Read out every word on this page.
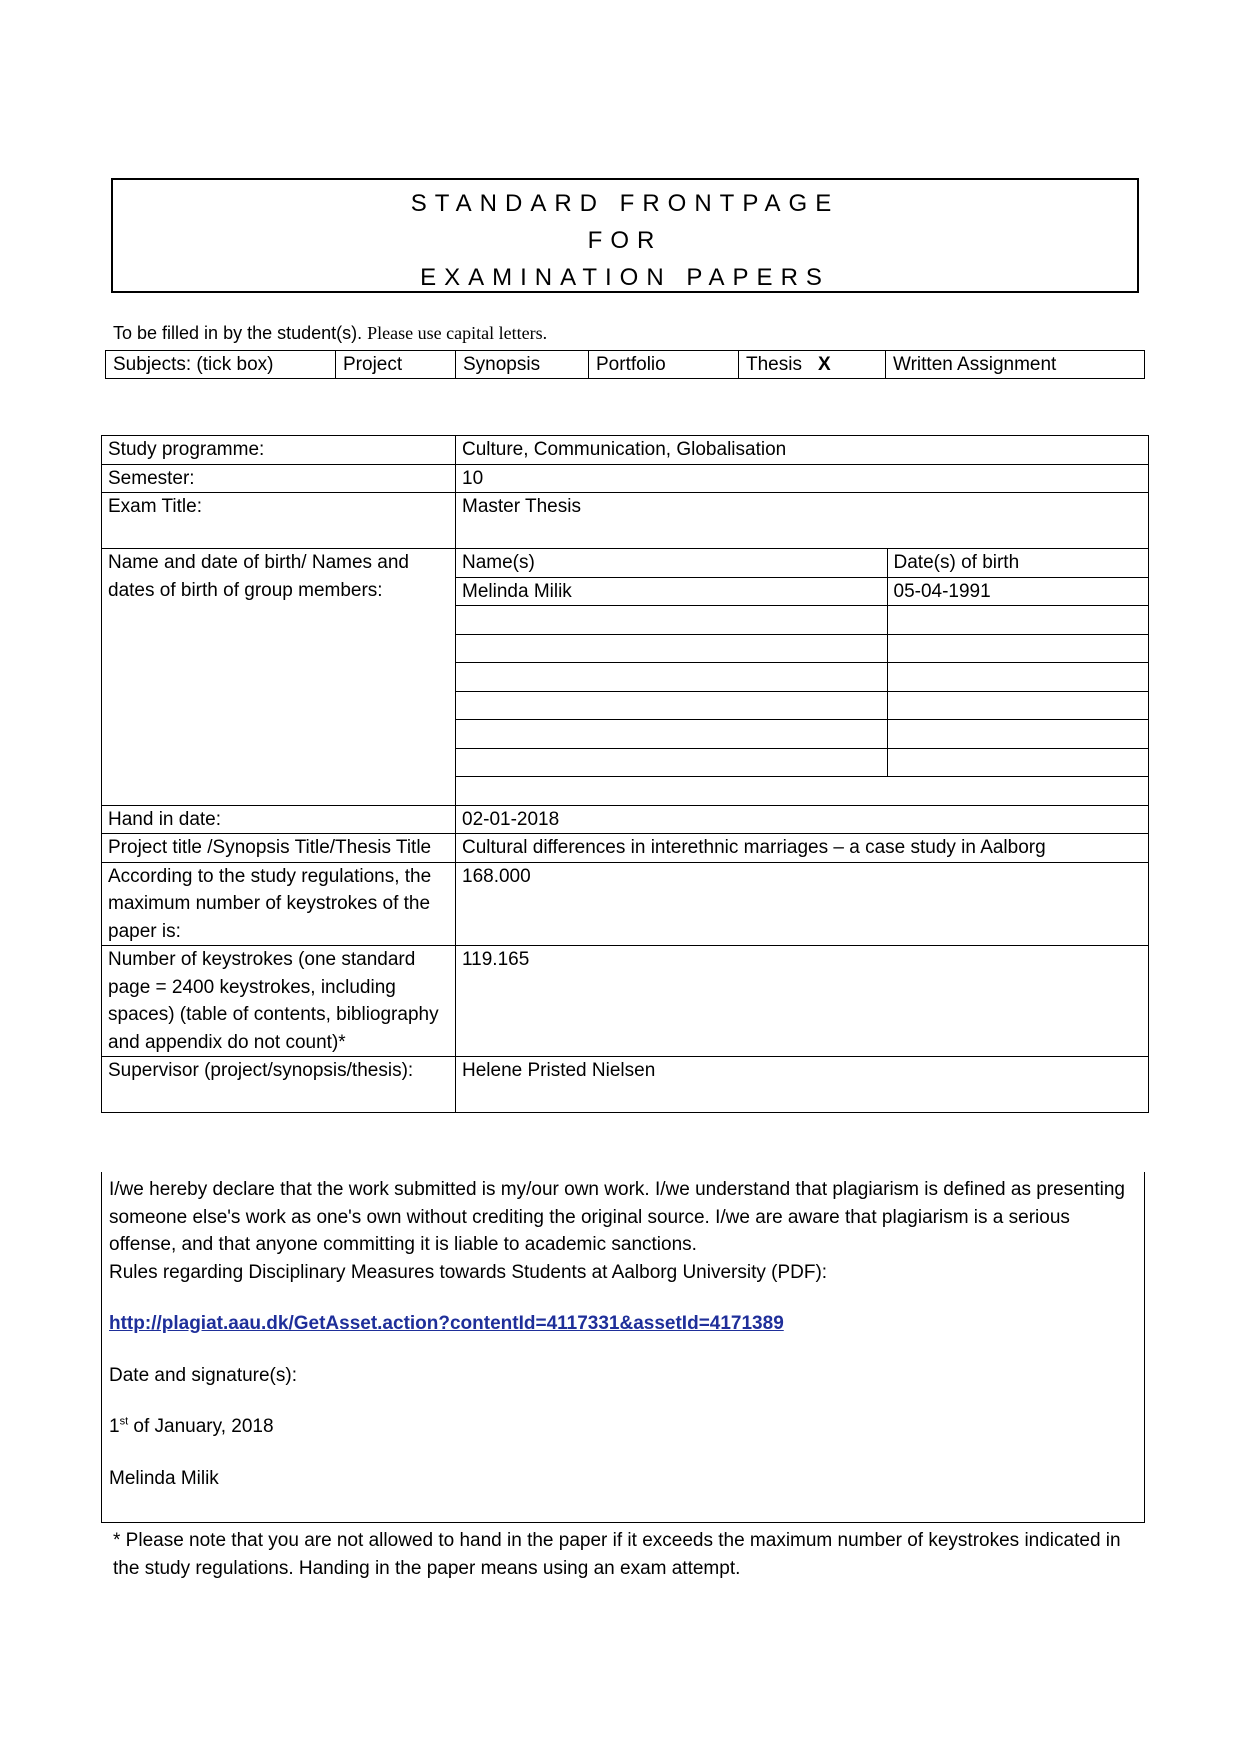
STANDARD FRONTPAGE
FOR
EXAMINATION PAPERS
To be filled in by the student(s). Please use capital letters.
Subjects: (tick box)	Project	Synopsis	Portfolio	Thesis X	Written Assignment
Study programme:	Culture, Communication, Globalisation
Semester:	10
Exam Title:	Master Thesis
Name and date of birth/ Names and dates of birth of group members:	
Name(s)	Date(s) of birth
Melinda Milik	05-04-1991

Hand in date:	02-01-2018
Project title /Synopsis Title/Thesis Title	Cultural differences in interethnic marriages – a case study in Aalborg
According to the study regulations, the maximum number of keystrokes of the paper is:	168.000
Number of keystrokes (one standard page = 2400 keystrokes, including spaces) (table of contents, bibliography and appendix do not count)*	119.165
Supervisor (project/synopsis/thesis):	Helene Pristed Nielsen

I/we hereby declare that the work submitted is my/our own work. I/we understand that plagiarism is defined as presenting someone else's work as one's own without crediting the original source. I/we are aware that plagiarism is a serious offense, and that anyone committing it is liable to academic sanctions.

Rules regarding Disciplinary Measures towards Students at Aalborg University (PDF):

http://plagiat.aau.dk/GetAsset.action?contentId=4117331&assetId=4171389

Date and signature(s):

1st of January, 2018

Melinda Milik

* Please note that you are not allowed to hand in the paper if it exceeds the maximum number of keystrokes indicated in the study regulations. Handing in the paper means using an exam attempt.
